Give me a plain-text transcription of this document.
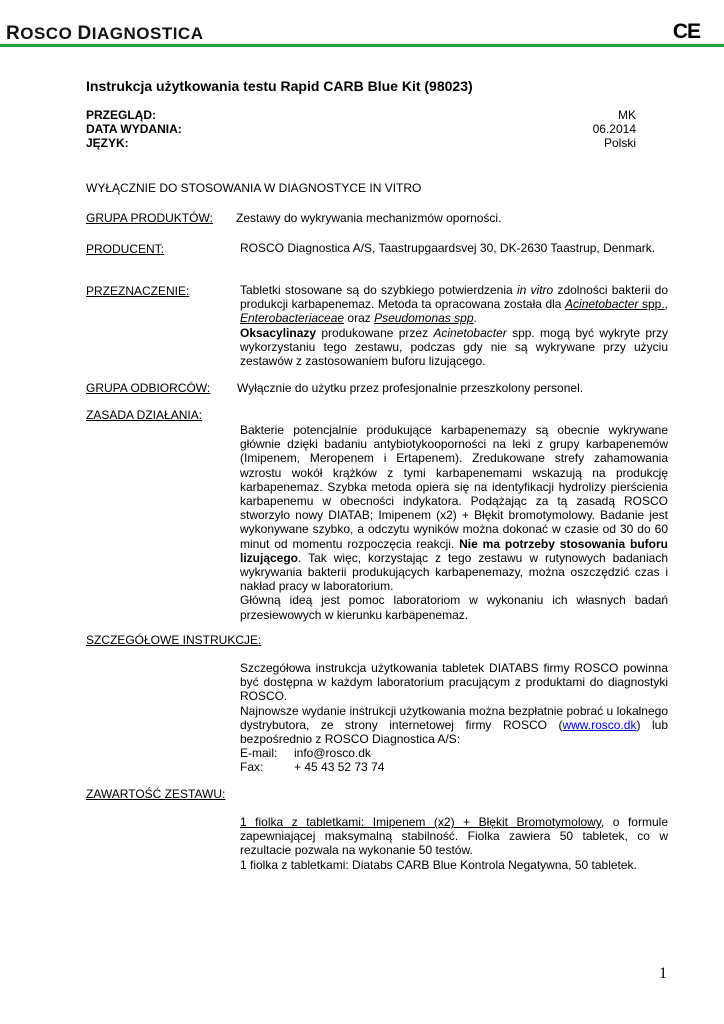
ROSCO DIAGNOSTICA	CE
Instrukcja użytkowania testu Rapid CARB Blue Kit (98023)
PRZEGLĄD:	MK
DATA WYDANIA:	06.2014
JĘZYK:	Polski
WYŁĄCZNIE DO STOSOWANIA W DIAGNOSTYCE IN VITRO
GRUPA PRODUKTÓW: Zestawy do wykrywania mechanizmów oporności.
PRODUCENT:	ROSCO Diagnostica A/S, Taastrupgaardsvej 30, DK-2630 Taastrup, Denmark.
PRZEZNACZENIE:	Tabletki stosowane są do szybkiego potwierdzenia in vitro zdolności bakterii do produkcji karbapenemaz. Metoda ta opracowana została dla Acinetobacter spp., Enterobacteriaceae oraz Pseudomonas spp.

Oksacylinazy produkowane przez Acinetobacter spp. mogą być wykryte przy wykorzystaniu tego zestawu, podczas gdy nie są wykrywane przy użyciu zestawów z zastosowaniem buforu lizującego.

GRUPA ODBIORCÓW: Wyłącznie do użytku przez profesjonalnie przeszkolony personel.
ZASADA DZIAŁANIA:

Bakterie potencjalnie produkujące karbapenemazy są obecnie wykrywane głównie dzięki badaniu antybiotykooporności na leki z grupy karbapenemów (Imipenem, Meropenem i Ertapenem). Zredukowane strefy zahamowania wzrostu wokół krążków z tymi karbapenemami wskazują na produkcję karbapenemaz. Szybka metoda opiera się na identyfikacji hydrolizy pierścienia karbapenemu w obecności indykatora. Podążając za tą zasadą ROSCO stworzyło nowy DIATAB; Imipenem (x2) + Błękit bromotymolowy. Badanie jest wykonywane szybko, a odczytu wyników można dokonać w czasie od 30 do 60 minut od momentu rozpoczęcia reakcji. Nie ma potrzeby stosowania buforu lizującego. Tak więc, korzystając z tego zestawu w rutynowych badaniach wykrywania bakterii produkujących karbapenemazy, można oszczędzić czas i nakład pracy w laboratorium.

Główną ideą jest pomoc laboratoriom w wykonaniu ich własnych badań przesiewowych w kierunku karbapenemaz.

SZCZEGÓŁOWE INSTRUKCJE:

Szczegółowa instrukcja użytkowania tabletek DIATABS firmy ROSCO powinna być dostępna w każdym laboratorium pracującym z produktami do diagnostyki ROSCO.

Najnowsze wydanie instrukcji użytkowania można bezpłatnie pobrać u lokalnego dystrybutora, ze strony internetowej firmy ROSCO (www.rosco.dk) lub bezpośrednio z ROSCO Diagnostica A/S:

E-mail:	info@rosco.dk
Fax:	+ 45 43 52 73 74
ZAWARTOŚĆ ZESTAWU:

1 fiolka z tabletkami: Imipenem (x2) + Błękit Bromotymolowy, o formule zapewniającej maksymalną stabilność. Fiolka zawiera 50 tabletek, co w rezultacie pozwala na wykonanie 50 testów.

1 fiolka z tabletkami: Diatabs CARB Blue Kontrola Negatywna, 50 tabletek.

1
